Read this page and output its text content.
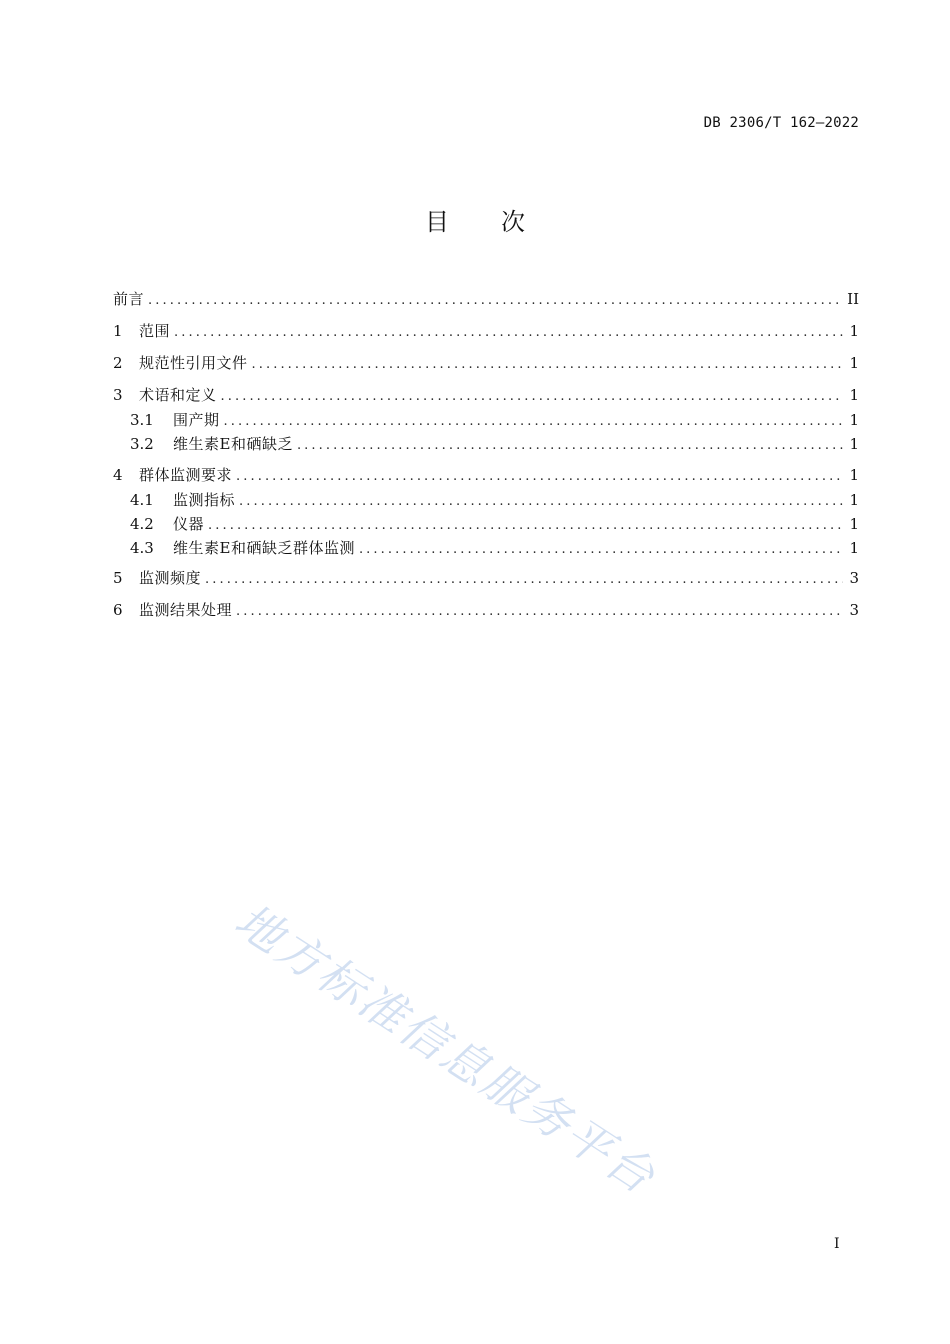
DB 2306/T 162—2022
目 次
前言 .....	II
1	范围 .....	1
2	规范性引用文件 .....	1
3	术语和定义 .....	1
3.1	围产期 .....	1
3.2	维生素E和硒缺乏 .....	1
4	群体监测要求 .....	1
4.1	监测指标 .....	1
4.2	仪器 .....	1
4.3	维生素E和硒缺乏群体监测 .....	1
5	监测频度 .....	3
6	监测结果处理 .....	3
地方标准信息服务平台
I
